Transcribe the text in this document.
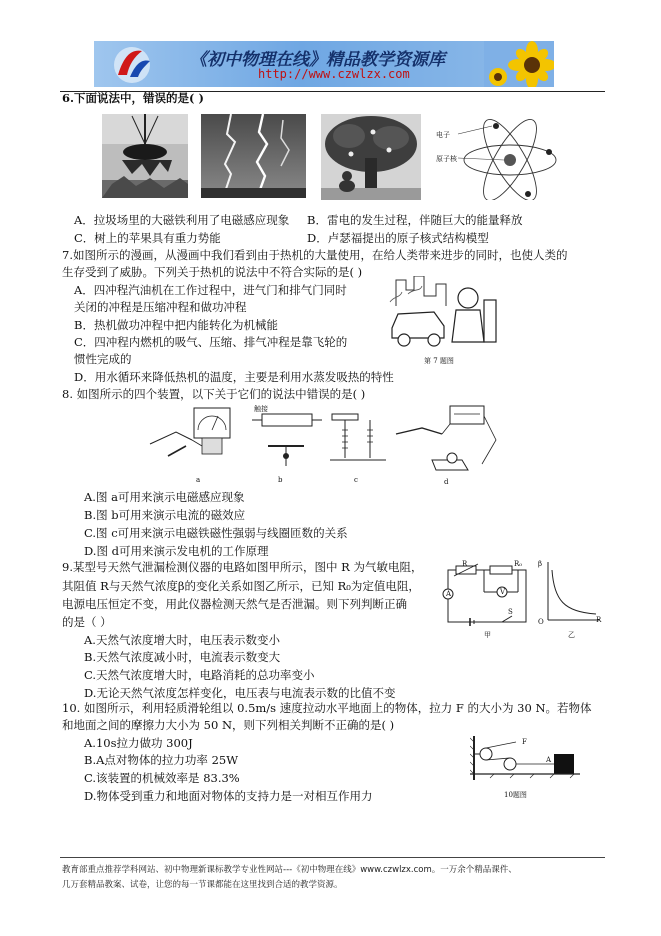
《初中物理在线》精品教学资源库
http://www.czwlzx.com
6.下面说法中，错误的是( )
电子
原子核
A．拉圾场里的大磁铁利用了电磁感应现象 B．雷电的发生过程，伴随巨大的能量释放
C．树上的苹果具有重力势能	D．卢瑟福提出的原子核式结构模型
7.如图所示的漫画，从漫画中我们看到由于热机的大量使用，在给人类带来进步的同时，也使人类的
生存受到了威胁。下列关于热机的说法中不符合实际的是( )
A．四冲程汽油机在工作过程中，进气门和排气门同时
关闭的冲程是压缩冲程和做功冲程
B．热机做功冲程中把内能转化为机械能
C．四冲程内燃机的吸气、压缩、排气冲程是靠飞轮的
惯性完成的
D．用水循环来降低热机的温度，主要是利用水蒸发吸热的特性
第 7 题图
8. 如图所示的四个装置，以下关于它们的说法中错误的是( )
a
触接
b	c	d
A.图 a可用来演示电磁感应现象
B.图 b可用来演示电流的磁效应
C.图 c可用来演示电磁铁磁性强弱与线圈匝数的关系
D.图 d可用来演示发电机的工作原理
9.某型号天然气泄漏检测仪器的电路如图甲所示，图中 R 为气敏电阻，
其阻值 R与天然气浓度β的变化关系如图乙所示，已知 R₀为定值电阻，
电源电压恒定不变，用此仪器检测天然气是否泄漏。则下列判断正确
的是（ ）
A.天然气浓度增大时，电压表示数变小
B.天然气浓度减小时，电流表示数变大
C.天然气浓度增大时，电路消耗的总功率变小
D.无论天然气浓度怎样变化，电压表与电流表示数的比值不变
R	R₀
A	V
S
甲
β
R
O
乙
10. 如图所示，利用轻质滑轮组以 0.5m/s 速度拉动水平地面上的物体，拉力 F 的大小为 30 N。若物体
和地面之间的摩擦力大小为 50 N，则下列相关判断不正确的是( )
A.10s拉力做功 300J
B.A点对物体的拉力功率 25W
C.该装置的机械效率是 83.3%
D.物体受到重力和地面对物体的支持力是一对相互作用力
F
A
10题图
教育部重点推荐学科网站、初中物理新课标教学专业性网站---《初中物理在线》www.czwlzx.com。一万余个精品课件、
几万套精品教案、试卷，让您的每一节课都能在这里找到合适的教学资源。
